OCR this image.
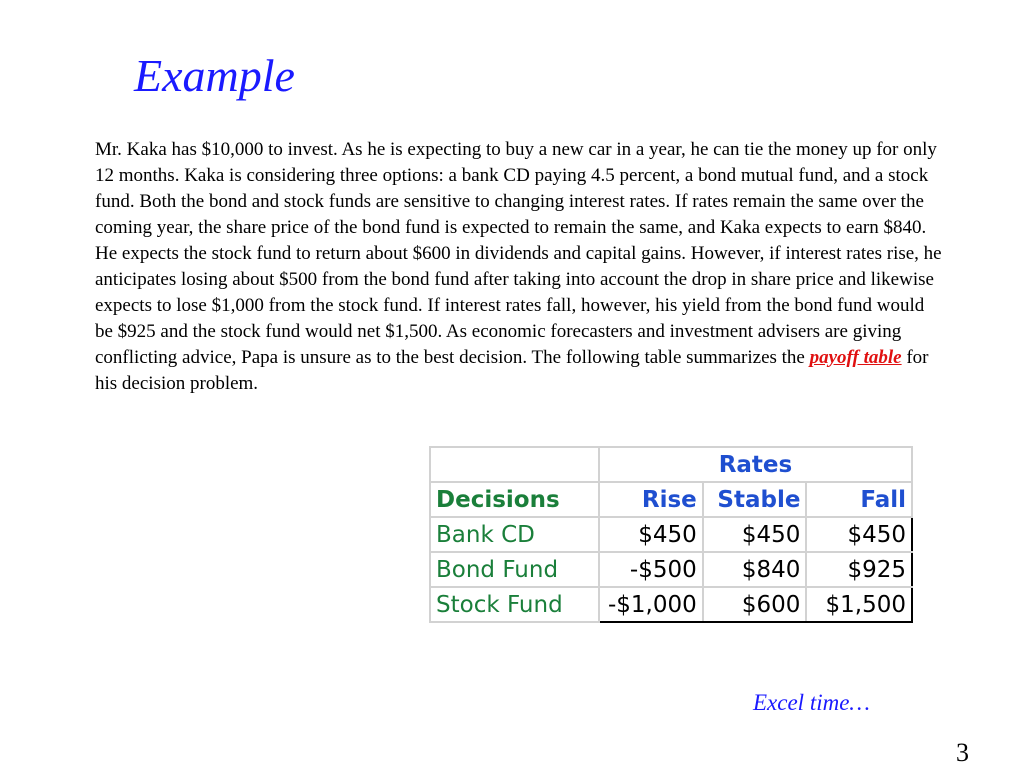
Example

Mr. Kaka has $10,000 to invest. As he is expecting to buy a new car in a year, he can tie the money up for only 12 months. Kaka is considering three options: a bank CD paying 4.5 percent, a bond mutual fund, and a stock fund. Both the bond and stock funds are sensitive to changing interest rates. If rates remain the same over the coming year, the share price of the bond fund is expected to remain the same, and Kaka expects to earn $840. He expects the stock fund to return about $600 in dividends and capital gains. However, if interest rates rise, he anticipates losing about $500 from the bond fund after taking into account the drop in share price and likewise expects to lose $1,000 from the stock fund. If interest rates fall, however, his yield from the bond fund would be $925 and the stock fund would net $1,500. As economic forecasters and investment advisers are giving conflicting advice, Papa is unsure as to the best decision. The following table summarizes the payoff table for his decision problem.

	Rates		
Decisions	Rise	Stable	Fall
Bank CD	$450	$450	$450
Bond Fund	-$500	$840	$925
Stock Fund	-$1,000	$600	$1,500
Excel time…
3
